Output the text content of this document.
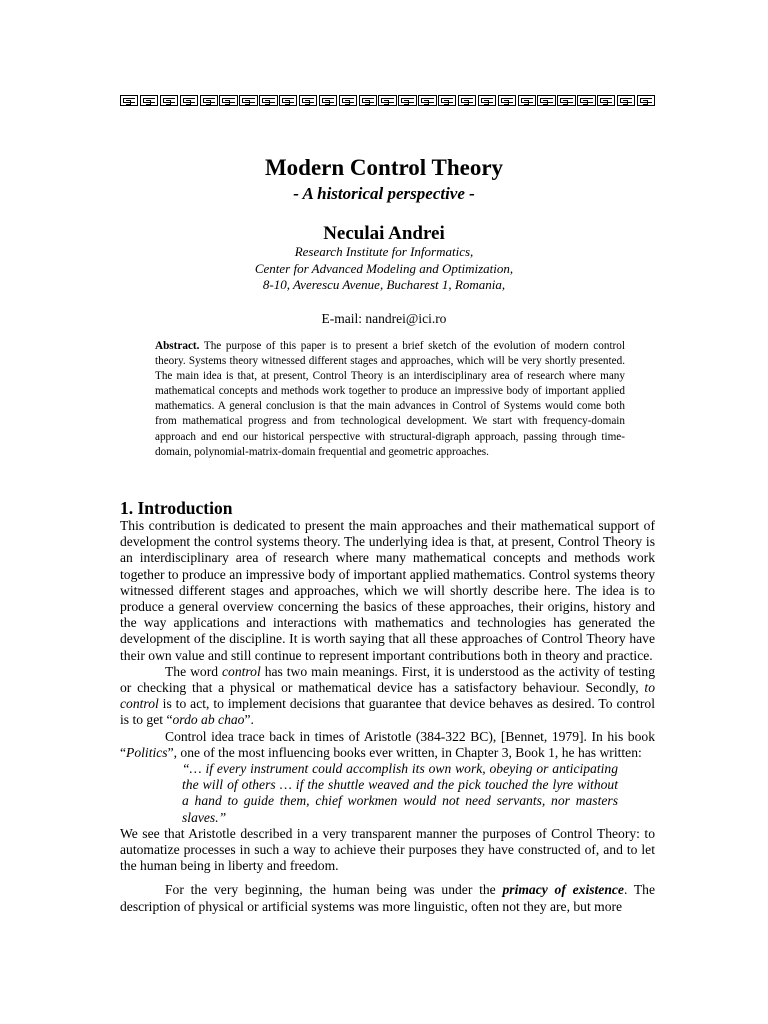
Modern Control Theory
- A historical perspective -
Neculai Andrei
Research Institute for Informatics,
Center for Advanced Modeling and Optimization,
8-10, Averescu Avenue, Bucharest 1, Romania,
E-mail: nandrei@ici.ro
Abstract. The purpose of this paper is to present a brief sketch of the evolution of modern control theory. Systems theory witnessed different stages and approaches, which will be very shortly presented. The main idea is that, at present, Control Theory is an interdisciplinary area of research where many mathematical concepts and methods work together to produce an impressive body of important applied mathematics. A general conclusion is that the main advances in Control of Systems would come both from mathematical progress and from technological development. We start with frequency-domain approach and end our historical perspective with structural-digraph approach, passing through time-domain, polynomial-matrix-domain frequential and geometric approaches.
1. Introduction

This contribution is dedicated to present the main approaches and their mathematical support of development the control systems theory. The underlying idea is that, at present, Control Theory is an interdisciplinary area of research where many mathematical concepts and methods work together to produce an impressive body of important applied mathematics. Control systems theory witnessed different stages and approaches, which we will shortly describe here. The idea is to produce a general overview concerning the basics of these approaches, their origins, history and the way applications and interactions with mathematics and technologies has generated the development of the discipline. It is worth saying that all these approaches of Control Theory have their own value and still continue to represent important contributions both in theory and practice.

The word control has two main meanings. First, it is understood as the activity of testing or checking that a physical or mathematical device has a satisfactory behaviour. Secondly, to control is to act, to implement decisions that guarantee that device behaves as desired. To control is to get “ordo ab chao”.

Control idea trace back in times of Aristotle (384-322 BC), [Bennet, 1979]. In his book “Politics”, one of the most influencing books ever written, in Chapter 3, Book 1, he has written:

“… if every instrument could accomplish its own work, obeying or anticipating the will of others … if the shuttle weaved and the pick touched the lyre without a hand to guide them, chief workmen would not need servants, nor masters slaves.”

We see that Aristotle described in a very transparent manner the purposes of Control Theory: to automatize processes in such a way to achieve their purposes they have constructed of, and to let the human being in liberty and freedom.

For the very beginning, the human being was under the primacy of existence. The description of physical or artificial systems was more linguistic, often not they are, but more
